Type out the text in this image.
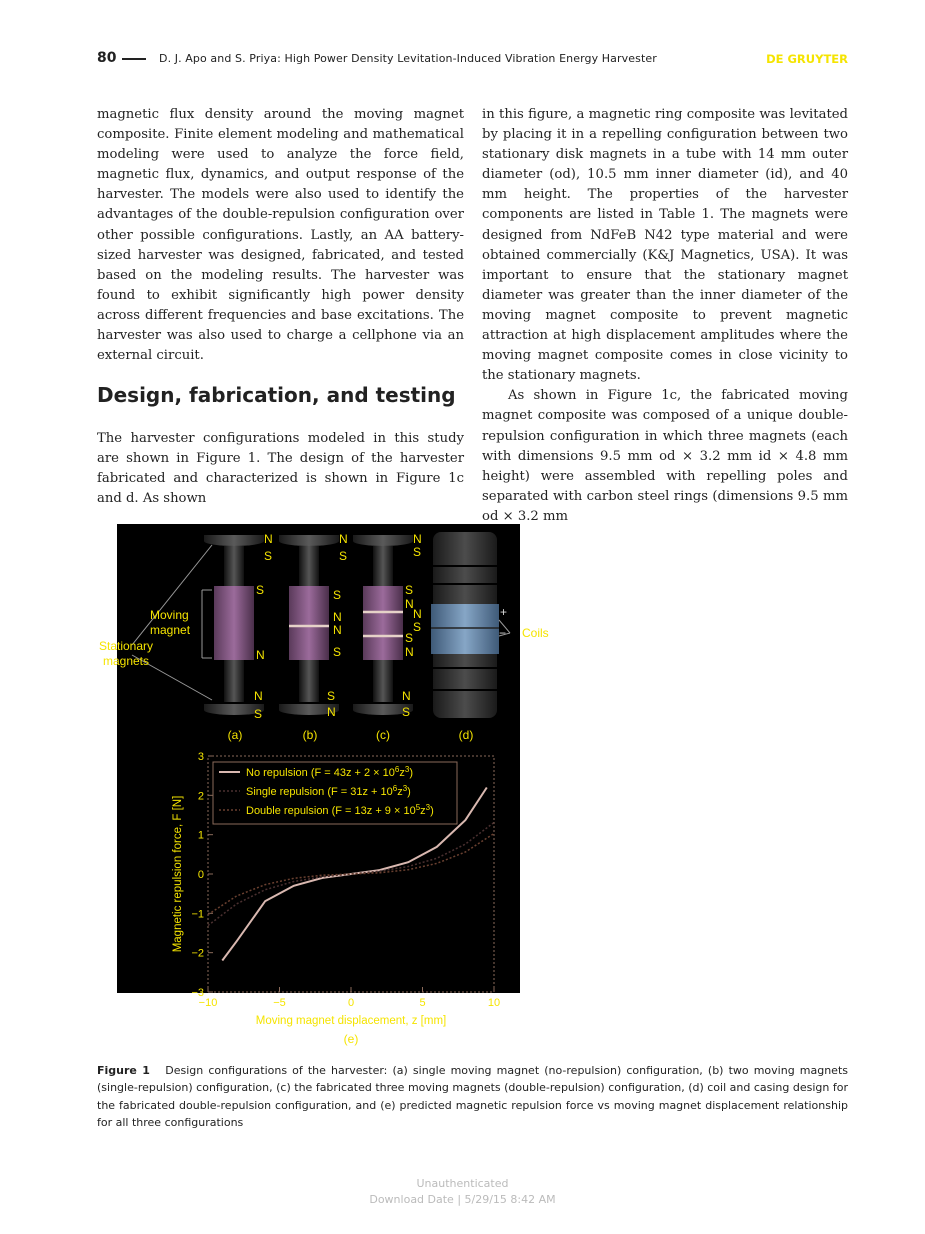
80	D. J. Apo and S. Priya: High Power Density Levitation-Induced Vibration Energy Harvester	DE GRUYTER

magnetic flux density around the moving magnet composite. Finite element modeling and mathematical modeling were used to analyze the force field, magnetic flux, dynamics, and output response of the harvester. The models were also used to identify the advantages of the double-repulsion configuration over other possible configurations. Lastly, an AA battery-sized harvester was designed, fabricated, and tested based on the modeling results. The harvester was found to exhibit significantly high power density across different frequencies and base excitations. The harvester was also used to charge a cellphone via an external circuit.

Design, fabrication, and testing

The harvester configurations modeled in this study are shown in Figure 1. The design of the harvester fabricated and characterized is shown in Figure 1c and d. As shown

in this figure, a magnetic ring composite was levitated by placing it in a repelling configuration between two stationary disk magnets in a tube with 14 mm outer diameter (od), 10.5 mm inner diameter (id), and 40 mm height. The properties of the harvester components are listed in Table 1. The magnets were designed from NdFeB N42 type material and were obtained commercially (K&J Magnetics, USA). It was important to ensure that the stationary magnet diameter was greater than the inner diameter of the moving magnet composite to prevent magnetic attraction at high displacement amplitudes where the moving magnet composite comes in close vicinity to the stationary magnets.

As shown in Figure 1c, the fabricated moving magnet composite was composed of a unique double-repulsion configuration in which three magnets (each with dimensions 9.5 mm od × 3.2 mm id × 4.8 mm height) were assembled with repelling poles and separated with carbon steel rings (dimensions 9.5 mm od × 3.2 mm

N
S
N
S
N
S
S
N
S
N
N
S
S
N
N
S
S
N
N
S
S
N
N
S
Moving
magnet
Stationary
magnets
Coils
+
−
(a)	(b)	(c)	(d)
(e)
−10	−5	0	5	10
3
2
1
0
−1
−2
−3
Moving magnet displacement, z [mm]
Magnetic repulsion force, F [N]
No repulsion $(F = 43z + 2 \times 10^6z^3)$
Single repulsion $(F = 31z + 10^6z^3)$
Double repulsion $(F = 13z + 9 \times 10^5z^3)$
Figure 1 Design configurations of the harvester: (a) single moving magnet (no-repulsion) configuration, (b) two moving magnets (single-repulsion) configuration, (c) the fabricated three moving magnets (double-repulsion) configuration, (d) coil and casing design for the fabricated double-repulsion configuration, and (e) predicted magnetic repulsion force vs moving magnet displacement relationship for all three configurations
Unauthenticated
Download Date | 5/29/15 8:42 AM
